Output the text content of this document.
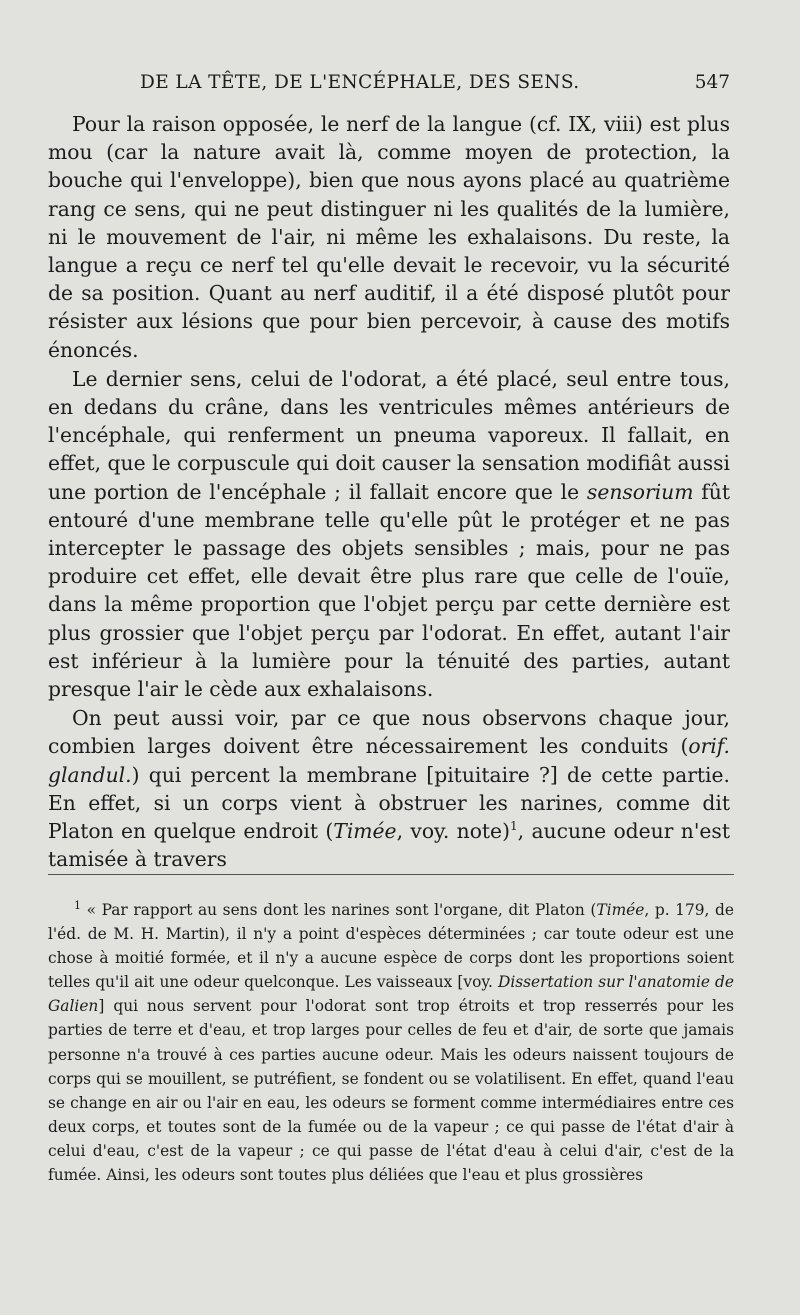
DE LA TÊTE, DE L'ENCÉPHALE, DES SENS.	547

Pour la raison opposée, le nerf de la langue (cf. IX, viii) est plus mou (car la nature avait là, comme moyen de protection, la bouche qui l'enveloppe), bien que nous ayons placé au quatrième rang ce sens, qui ne peut distinguer ni les qualités de la lumière, ni le mouvement de l'air, ni même les exhalaisons. Du reste, la langue a reçu ce nerf tel qu'elle devait le recevoir, vu la sécurité de sa position. Quant au nerf auditif, il a été disposé plutôt pour résister aux lésions que pour bien percevoir, à cause des motifs énoncés.

Le dernier sens, celui de l'odorat, a été placé, seul entre tous, en dedans du crâne, dans les ventricules mêmes antérieurs de l'encéphale, qui renferment un pneuma vaporeux. Il fallait, en effet, que le corpuscule qui doit causer la sensation modifiât aussi une portion de l'encéphale ; il fallait encore que le sensorium fût entouré d'une membrane telle qu'elle pût le protéger et ne pas intercepter le passage des objets sensibles ; mais, pour ne pas produire cet effet, elle devait être plus rare que celle de l'ouïe, dans la même proportion que l'objet perçu par cette dernière est plus grossier que l'objet perçu par l'odorat. En effet, autant l'air est inférieur à la lumière pour la ténuité des parties, autant presque l'air le cède aux exhalaisons.

On peut aussi voir, par ce que nous observons chaque jour, combien larges doivent être nécessairement les conduits (orif. glandul.) qui percent la membrane [pituitaire ?] de cette partie. En effet, si un corps vient à obstruer les narines, comme dit Platon en quelque endroit (Timée, voy. note)$^1$, aucune odeur n'est tamisée à travers

$^1$ « Par rapport au sens dont les narines sont l'organe, dit Platon (Timée, p. 179, de l'éd. de M. H. Martin), il n'y a point d'espèces déterminées ; car toute odeur est une chose à moitié formée, et il n'y a aucune espèce de corps dont les proportions soient telles qu'il ait une odeur quelconque. Les vaisseaux [voy. Dissertation sur l'anatomie de Galien] qui nous servent pour l'odorat sont trop étroits et trop resserrés pour les parties de terre et d'eau, et trop larges pour celles de feu et d'air, de sorte que jamais personne n'a trouvé à ces parties aucune odeur. Mais les odeurs naissent toujours de corps qui se mouillent, se putréfient, se fondent ou se volatilisent. En effet, quand l'eau se change en air ou l'air en eau, les odeurs se forment comme intermédiaires entre ces deux corps, et toutes sont de la fumée ou de la vapeur ; ce qui passe de l'état d'air à celui d'eau, c'est de la vapeur ; ce qui passe de l'état d'eau à celui d'air, c'est de la fumée. Ainsi, les odeurs sont toutes plus déliées que l'eau et plus grossières
